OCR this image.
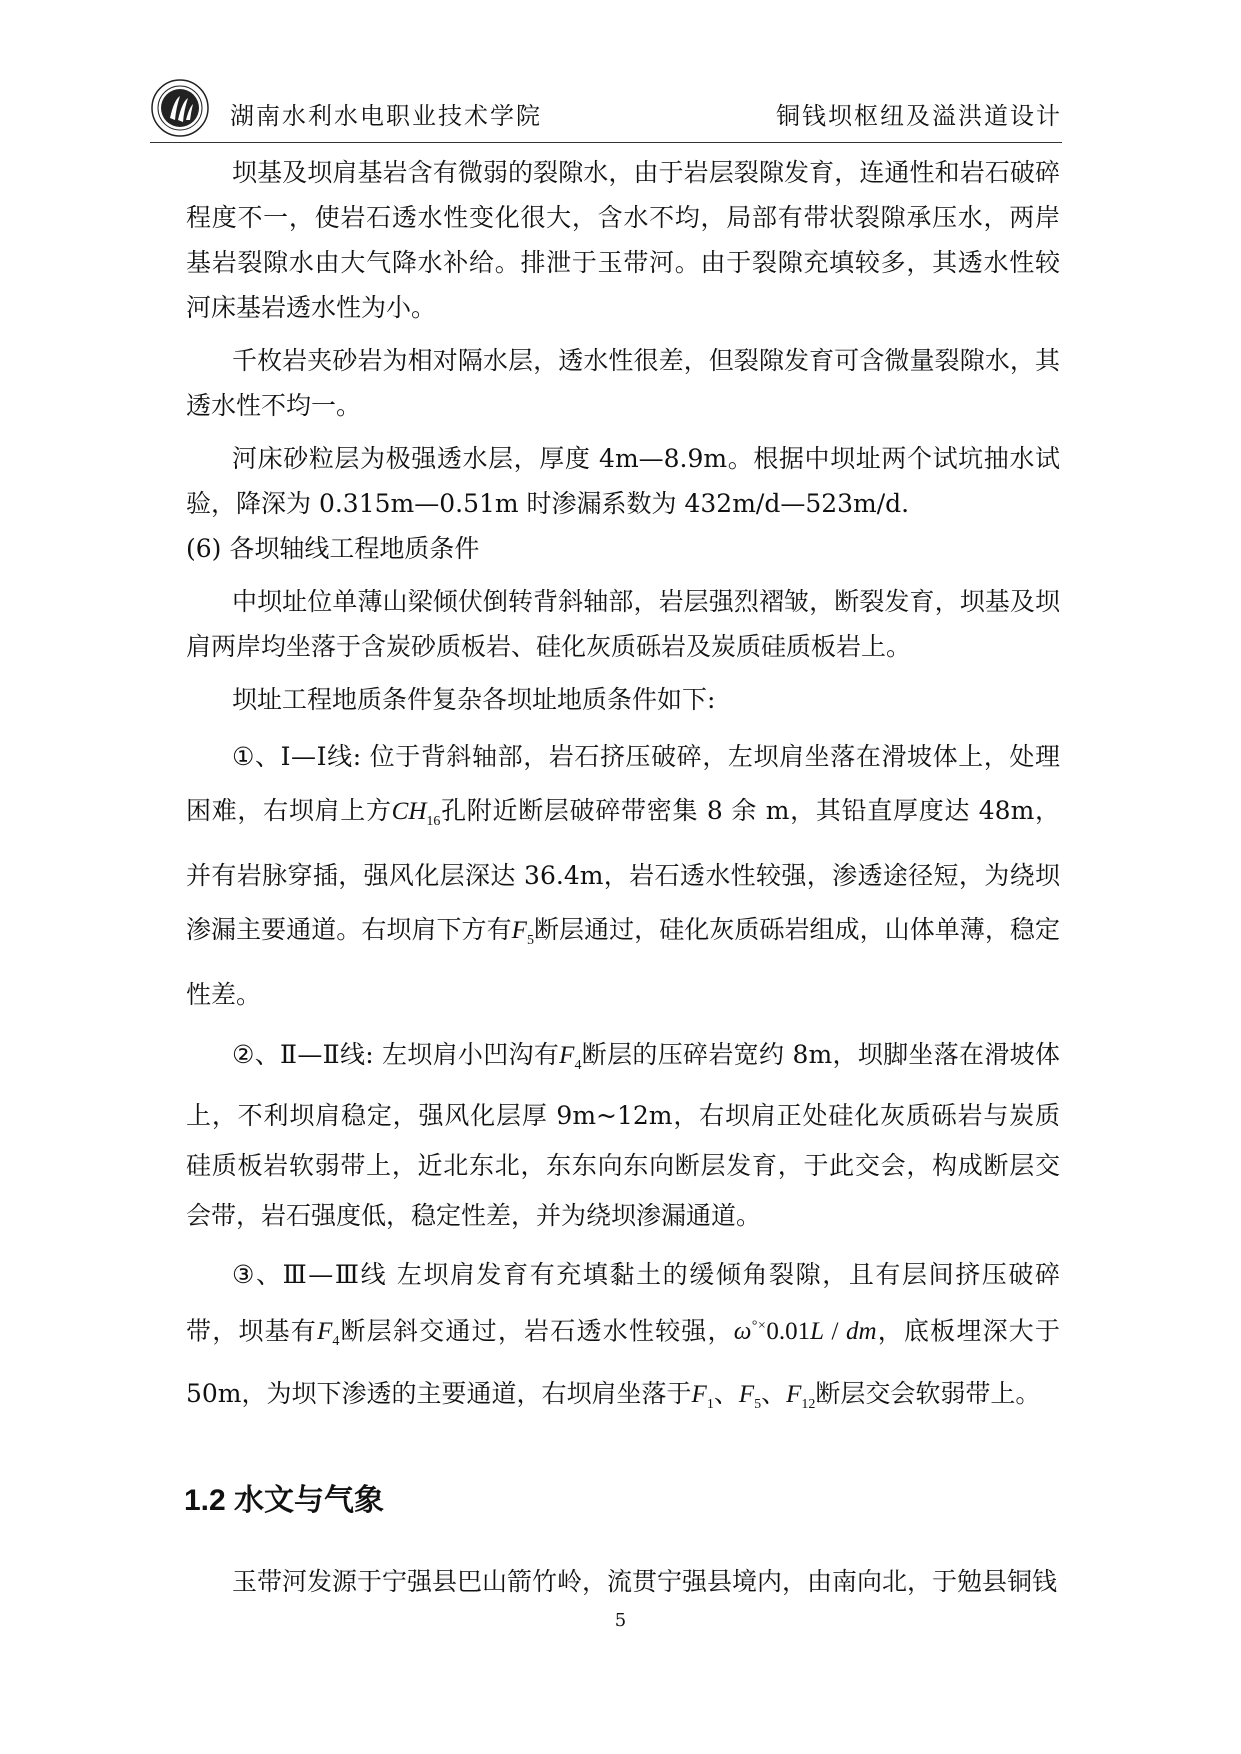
湖南水利水电职业技术学院	铜钱坝枢纽及溢洪道设计

坝基及坝肩基岩含有微弱的裂隙水，由于岩层裂隙发育，连通性和岩石破碎程度不一，使岩石透水性变化很大，含水不均，局部有带状裂隙承压水，两岸基岩裂隙水由大气降水补给。排泄于玉带河。由于裂隙充填较多，其透水性较河床基岩透水性为小。

千枚岩夹砂岩为相对隔水层，透水性很差，但裂隙发育可含微量裂隙水，其透水性不均一。

河床砂粒层为极强透水层，厚度 4m—8.9m。根据中坝址两个试坑抽水试验，降深为 0.315m—0.51m 时渗漏系数为 432m/d—523m/d.

(6) 各坝轴线工程地质条件

中坝址位单薄山梁倾伏倒转背斜轴部，岩层强烈褶皱，断裂发育，坝基及坝肩两岸均坐落于含炭砂质板岩、硅化灰质砾岩及炭质硅质板岩上。

坝址工程地质条件复杂各坝址地质条件如下:

①、Ⅰ—Ⅰ线: 位于背斜轴部，岩石挤压破碎，左坝肩坐落在滑坡体上，处理困难，右坝肩上方$CH_{16}$孔附近断层破碎带密集 8 余 m，其铅直厚度达 48m，并有岩脉穿插，强风化层深达 36.4m，岩石透水性较强，渗透途径短，为绕坝渗漏主要通道。右坝肩下方有$F_5$断层通过，硅化灰质砾岩组成，山体单薄，稳定性差。

②、Ⅱ—Ⅱ线: 左坝肩小凹沟有$F_4$断层的压碎岩宽约 8m，坝脚坐落在滑坡体上，不利坝肩稳定，强风化层厚 9m~12m，右坝肩正处硅化灰质砾岩与炭质硅质板岩软弱带上，近北东北，东东向东向断层发育，于此交会，构成断层交会带，岩石强度低，稳定性差，并为绕坝渗漏通道。

③、Ⅲ—Ⅲ线 左坝肩发育有充填黏土的缓倾角裂隙，且有层间挤压破碎带，坝基有$F_4$断层斜交通过，岩石透水性较强，ω°×0.01L / dm，底板埋深大于 50m，为坝下渗透的主要通道，右坝肩坐落于$F_1$、$F_5$、$F_{12}$断层交会软弱带上。

1.2 水文与气象

玉带河发源于宁强县巴山箭竹岭，流贯宁强县境内，由南向北，于勉县铜钱

5
